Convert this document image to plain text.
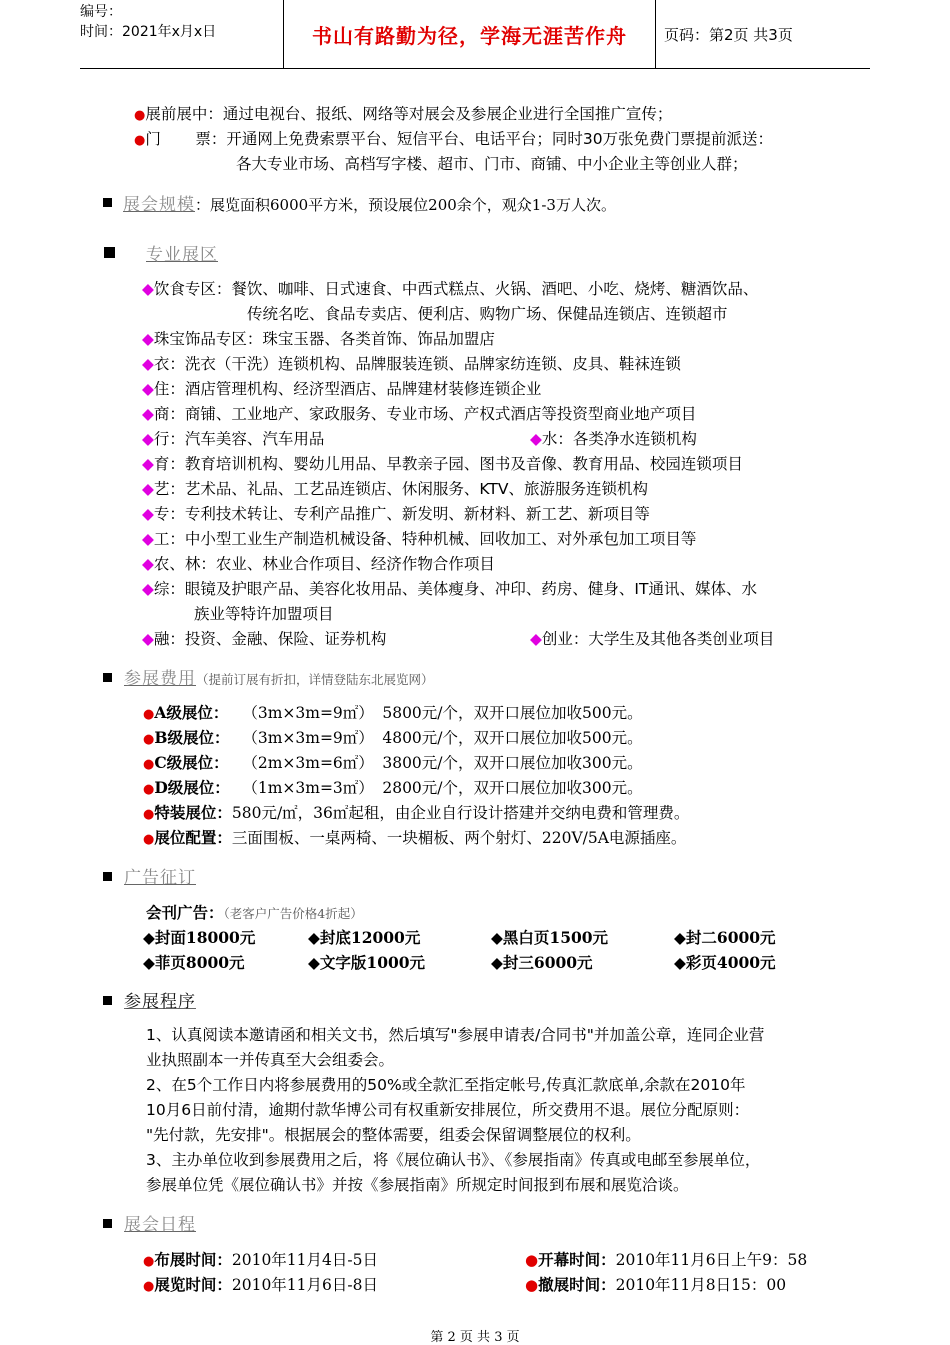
编号：
时间：2021年x月x日	书山有路勤为径，学海无涯苦作舟	页码：第2页 共3页
●展前展中：通过电视台、报纸、网络等对展会及参展企业进行全国推广宣传；
●门       票：开通网上免费索票平台、短信平台、电话平台；同时30万张免费门票提前派送：
各大专业市场、高档写字楼、超市、门市、商铺、中小企业主等创业人群；
展会规模：展览面积6000平方米，预设展位200余个，观众1-3万人次。
专业展区
◆饮食专区：餐饮、咖啡、日式速食、中西式糕点、火锅、酒吧、小吃、烧烤、糖酒饮品、
传统名吃、食品专卖店、便利店、购物广场、保健品连锁店、连锁超市
◆珠宝饰品专区：珠宝玉器、各类首饰、饰品加盟店
◆衣：洗衣（干洗）连锁机构、品牌服装连锁、品牌家纺连锁、皮具、鞋袜连锁
◆住：酒店管理机构、经济型酒店、品牌建材装修连锁企业
◆商：商铺、工业地产、家政服务、专业市场、产权式酒店等投资型商业地产项目
◆行：汽车美容、汽车用品	◆水：各类净水连锁机构
◆育：教育培训机构、婴幼儿用品、早教亲子园、图书及音像、教育用品、校园连锁项目
◆艺：艺术品、礼品、工艺品连锁店、休闲服务、KTV、旅游服务连锁机构
◆专：专利技术转让、专利产品推广、新发明、新材料、新工艺、新项目等
◆工：中小型工业生产制造机械设备、特种机械、回收加工、对外承包加工项目等
◆农、林：农业、林业合作项目、经济作物合作项目
◆综：眼镜及护眼产品、美容化妆用品、美体瘦身、冲印、药房、健身、IT通讯、媒体、水
族业等特许加盟项目
◆融：投资、金融、保险、证券机构	◆创业：大学生及其他各类创业项目
参展费用（提前订展有折扣，详情登陆东北展览网）
●A级展位： （3m×3m=9㎡） 5800元/个，双开口展位加收500元。
●B级展位： （3m×3m=9㎡） 4800元/个，双开口展位加收500元。
●C级展位： （2m×3m=6㎡） 3800元/个，双开口展位加收300元。
●D级展位： （1m×3m=3㎡） 2800元/个，双开口展位加收300元。
●特装展位：580元/㎡，36㎡起租，由企业自行设计搭建并交纳电费和管理费。
●展位配置：三面围板、一桌两椅、一块楣板、两个射灯、220V/5A电源插座。
广告征订
会刊广告：（老客户广告价格4折起）
◆封面18000元	◆封底12000元	◆黑白页1500元	◆封二6000元
◆菲页8000元	◆文字版1000元	◆封三6000元	◆彩页4000元
参展程序
1、认真阅读本邀请函和相关文书，然后填写"参展申请表/合同书"并加盖公章，连同企业营
业执照副本一并传真至大会组委会。
2、在5个工作日内将参展费用的50%或全款汇至指定帐号,传真汇款底单,余款在2010年
10月6日前付清，逾期付款华博公司有权重新安排展位，所交费用不退。展位分配原则：
"先付款，先安排"。根据展会的整体需要，组委会保留调整展位的权利。
3、主办单位收到参展费用之后，将《展位确认书》、《参展指南》传真或电邮至参展单位，
参展单位凭《展位确认书》并按《参展指南》所规定时间报到布展和展览洽谈。
展会日程
●布展时间：2010年11月4日-5日	●开幕时间：2010年11月6日上午9：58
●展览时间：2010年11月6日-8日	●撤展时间：2010年11月8日15：00
第 2 页 共 3 页
